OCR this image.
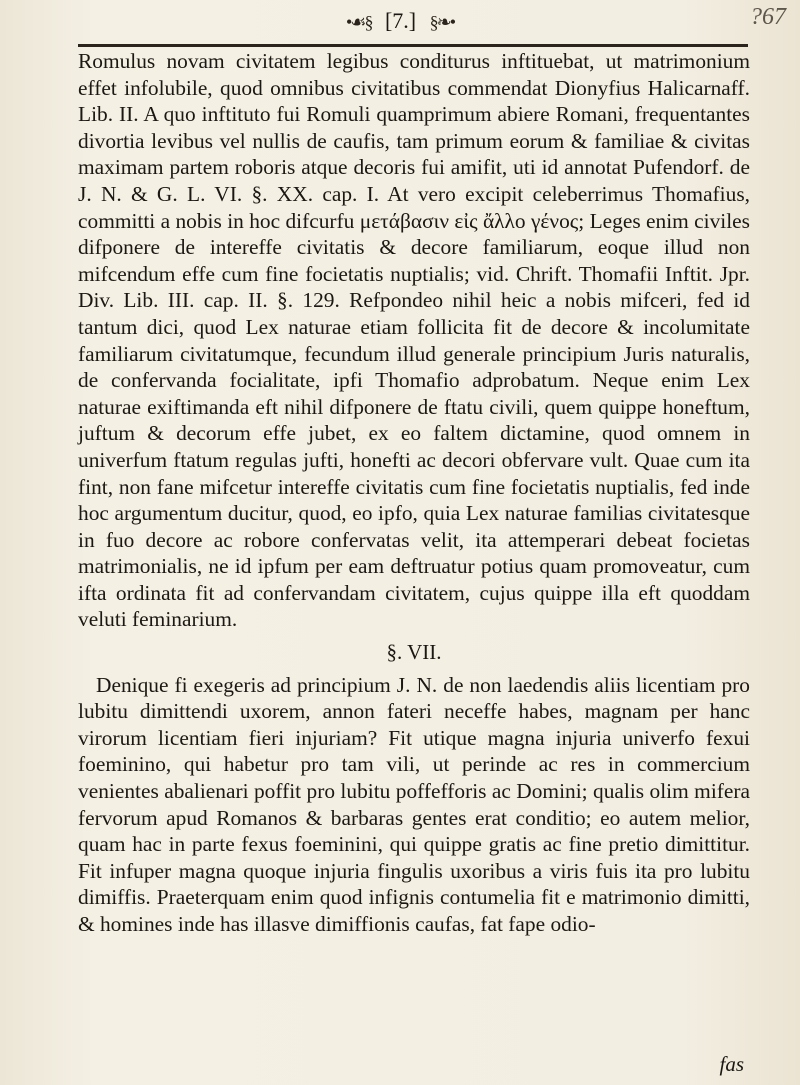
?67
•☙§ [7.] §❧•

Romulus novam civitatem legibus conditurus inftituebat, ut matrimonium effet infolubile, quod omnibus civitatibus commendat Dionyfius Halicarnaff. Lib. II. A quo inftituto fui Romuli quamprimum abiere Romani, frequentantes divortia levibus vel nullis de caufis, tam primum eorum & familiae & civitas maximam partem roboris atque decoris fui amifit, uti id annotat Pufendorf. de J. N. & G. L. VI. §. XX. cap. I. At vero excipit celeberrimus Thomafius, committi a nobis in hoc difcurfu μετάβασιν εἰς ἄλλο γένος; Leges enim civiles difponere de intereffe civitatis & decore familiarum, eoque illud non mifcendum effe cum fine focietatis nuptialis; vid. Chrift. Thomafii Inftit. Jpr. Div. Lib. III. cap. II. §. 129. Refpondeo nihil heic a nobis mifceri, fed id tantum dici, quod Lex naturae etiam follicita fit de decore & incolumitate familiarum civitatumque, fecundum illud generale principium Juris naturalis, de confervanda focialitate, ipfi Thomafio adprobatum. Neque enim Lex naturae exiftimanda eft nihil difponere de ftatu civili, quem quippe honeftum, juftum & decorum effe jubet, ex eo faltem dictamine, quod omnem in univerfum ftatum regulas jufti, honefti ac decori obfervare vult. Quae cum ita fint, non fane mifcetur intereffe civitatis cum fine focietatis nuptialis, fed inde hoc argumentum ducitur, quod, eo ipfo, quia Lex naturae familias civitatesque in fuo decore ac robore confervatas velit, ita attemperari debeat focietas matrimonialis, ne id ipfum per eam deftruatur potius quam promoveatur, cum ifta ordinata fit ad confervandam civitatem, cujus quippe illa eft quoddam veluti feminarium.

§. VII.

Denique fi exegeris ad principium J. N. de non laedendis aliis licentiam pro lubitu dimittendi uxorem, annon fateri neceffe habes, magnam per hanc virorum licentiam fieri injuriam? Fit utique magna injuria univerfo fexui foeminino, qui habetur pro tam vili, ut perinde ac res in commercium venientes abalienari poffit pro lubitu poffefforis ac Domini; qualis olim mifera fervorum apud Romanos & barbaras gentes erat conditio; eo autem melior, quam hac in parte fexus foeminini, qui quippe gratis ac fine pretio dimittitur. Fit infuper magna quoque injuria fingulis uxoribus a viris fuis ita pro lubitu dimiffis. Praeterquam enim quod infignis contumelia fit e matrimonio dimitti, & homines inde has illasve dimiffionis caufas, fat fape odio-

fas
